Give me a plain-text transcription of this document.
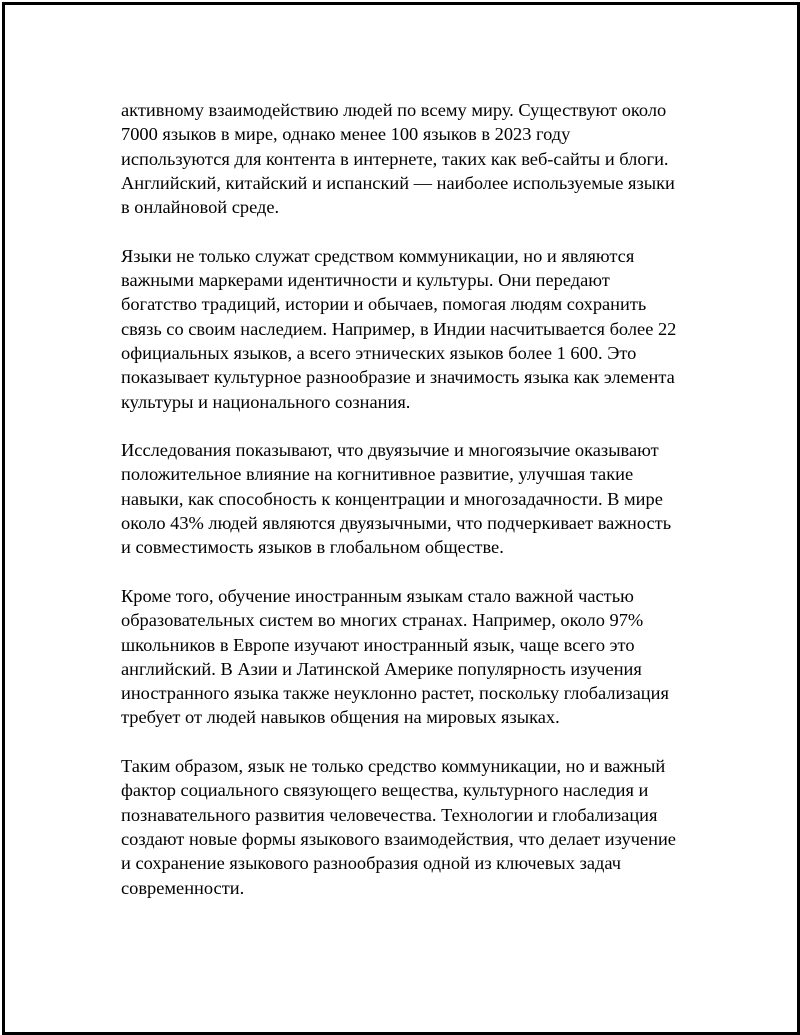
активному взаимодействию людей по всему миру. Существуют около
7000 языков в мире, однако менее 100 языков в 2023 году
используются для контента в интернете, таких как веб-сайты и блоги.
Английский, китайский и испанский — наиболее используемые языки
в онлайновой среде.

Языки не только служат средством коммуникации, но и являются
важными маркерами идентичности и культуры. Они передают
богатство традиций, истории и обычаев, помогая людям сохранить
связь со своим наследием. Например, в Индии насчитывается более 22
официальных языков, а всего этнических языков более 1 600. Это
показывает культурное разнообразие и значимость языка как элемента
культуры и национального сознания.

Исследования показывают, что двуязычие и многоязычие оказывают
положительное влияние на когнитивное развитие, улучшая такие
навыки, как способность к концентрации и многозадачности. В мире
около 43% людей являются двуязычными, что подчеркивает важность
и совместимость языков в глобальном обществе.

Кроме того, обучение иностранным языкам стало важной частью
образовательных систем во многих странах. Например, около 97%
школьников в Европе изучают иностранный язык, чаще всего это
английский. В Азии и Латинской Америке популярность изучения
иностранного языка также неуклонно растет, поскольку глобализация
требует от людей навыков общения на мировых языках.

Таким образом, язык не только средство коммуникации, но и важный
фактор социального связующего вещества, культурного наследия и
познавательного развития человечества. Технологии и глобализация
создают новые формы языкового взаимодействия, что делает изучение
и сохранение языкового разнообразия одной из ключевых задач
современности.
